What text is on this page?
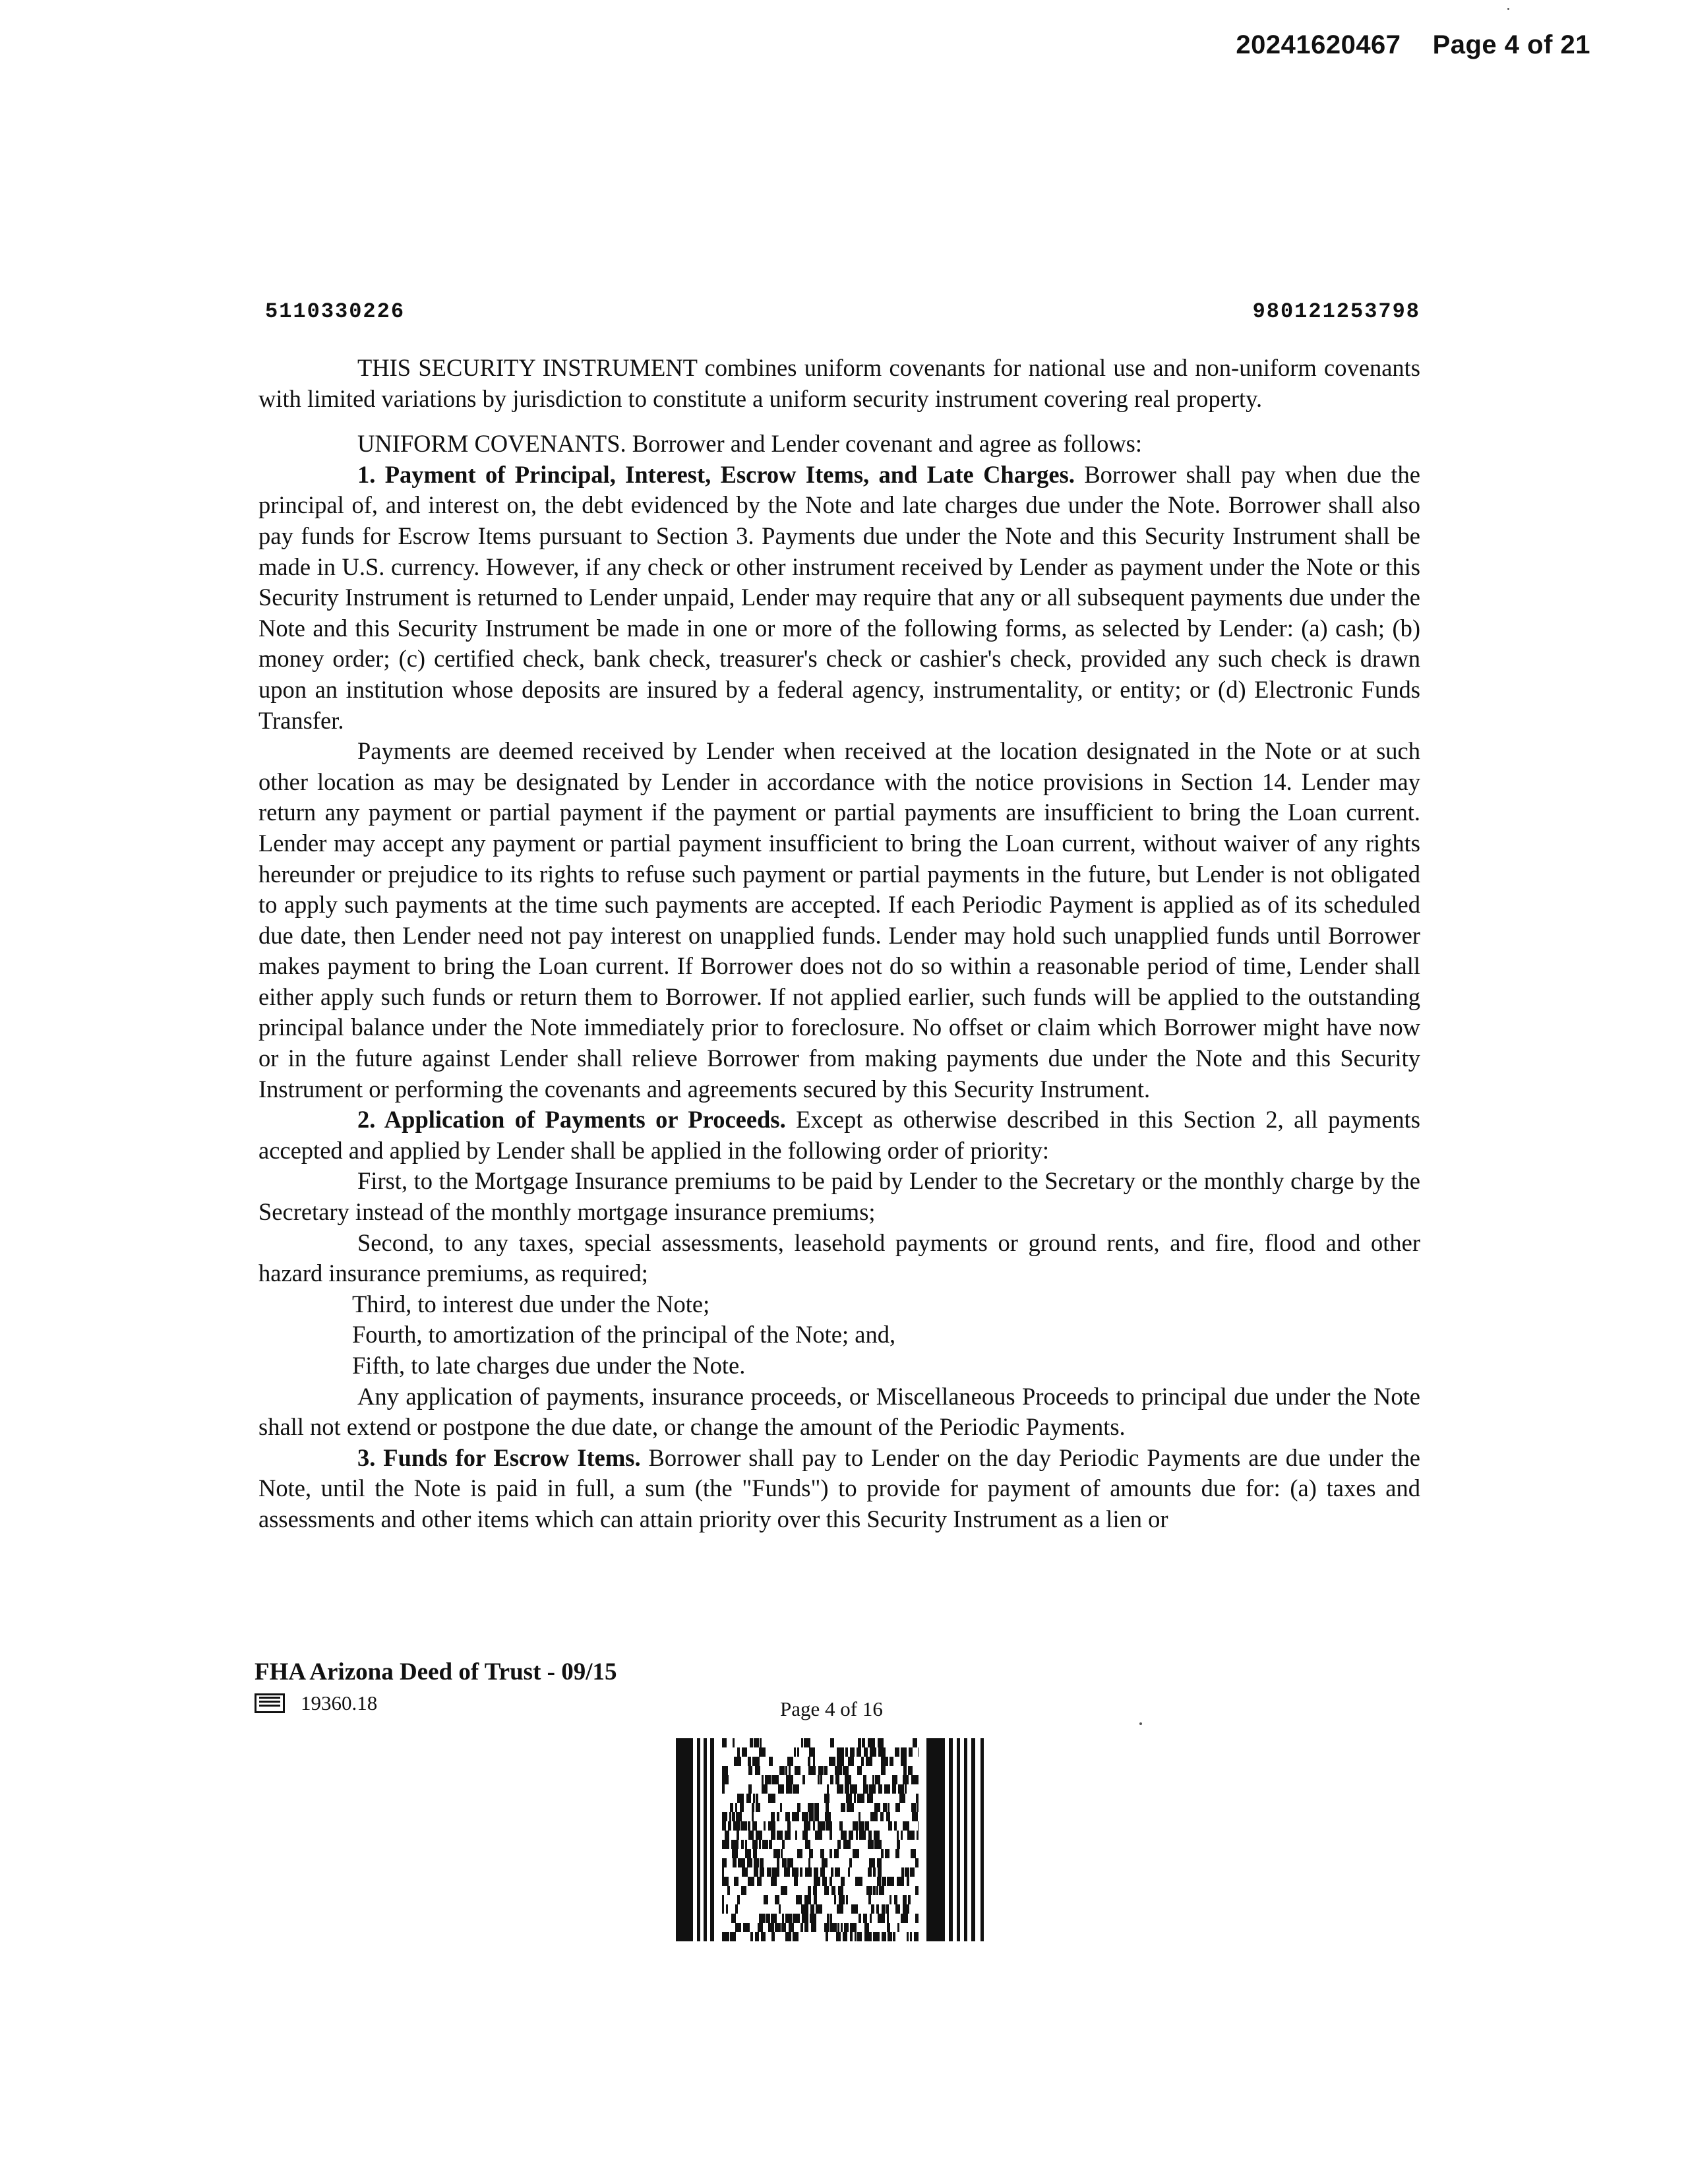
20241620467 Page 4 of 21
5110330226	980121253798

THIS SECURITY INSTRUMENT combines uniform covenants for national use and non-uniform covenants with limited variations by jurisdiction to constitute a uniform security instrument covering real property.

UNIFORM COVENANTS. Borrower and Lender covenant and agree as follows:

1. Payment of Principal, Interest, Escrow Items, and Late Charges. Borrower shall pay when due the principal of, and interest on, the debt evidenced by the Note and late charges due under the Note. Borrower shall also pay funds for Escrow Items pursuant to Section 3. Payments due under the Note and this Security Instrument shall be made in U.S. currency. However, if any check or other instrument received by Lender as payment under the Note or this Security Instrument is returned to Lender unpaid, Lender may require that any or all subsequent payments due under the Note and this Security Instrument be made in one or more of the following forms, as selected by Lender: (a) cash; (b) money order; (c) certified check, bank check, treasurer's check or cashier's check, provided any such check is drawn upon an institution whose deposits are insured by a federal agency, instrumentality, or entity; or (d) Electronic Funds Transfer.

Payments are deemed received by Lender when received at the location designated in the Note or at such other location as may be designated by Lender in accordance with the notice provisions in Section 14. Lender may return any payment or partial payment if the payment or partial payments are insufficient to bring the Loan current. Lender may accept any payment or partial payment insufficient to bring the Loan current, without waiver of any rights hereunder or prejudice to its rights to refuse such payment or partial payments in the future, but Lender is not obligated to apply such payments at the time such payments are accepted. If each Periodic Payment is applied as of its scheduled due date, then Lender need not pay interest on unapplied funds. Lender may hold such unapplied funds until Borrower makes payment to bring the Loan current. If Borrower does not do so within a reasonable period of time, Lender shall either apply such funds or return them to Borrower. If not applied earlier, such funds will be applied to the outstanding principal balance under the Note immediately prior to foreclosure. No offset or claim which Borrower might have now or in the future against Lender shall relieve Borrower from making payments due under the Note and this Security Instrument or performing the covenants and agreements secured by this Security Instrument.

2. Application of Payments or Proceeds. Except as otherwise described in this Section 2, all payments accepted and applied by Lender shall be applied in the following order of priority:

First, to the Mortgage Insurance premiums to be paid by Lender to the Secretary or the monthly charge by the Secretary instead of the monthly mortgage insurance premiums;

Second, to any taxes, special assessments, leasehold payments or ground rents, and fire, flood and other hazard insurance premiums, as required;

Third, to interest due under the Note;

Fourth, to amortization of the principal of the Note; and,

Fifth, to late charges due under the Note.

Any application of payments, insurance proceeds, or Miscellaneous Proceeds to principal due under the Note shall not extend or postpone the due date, or change the amount of the Periodic Payments.

3. Funds for Escrow Items. Borrower shall pay to Lender on the day Periodic Payments are due under the Note, until the Note is paid in full, a sum (the "Funds") to provide for payment of amounts due for: (a) taxes and assessments and other items which can attain priority over this Security Instrument as a lien or

FHA Arizona Deed of Trust - 09/15
19360.18	Page 4 of 16
